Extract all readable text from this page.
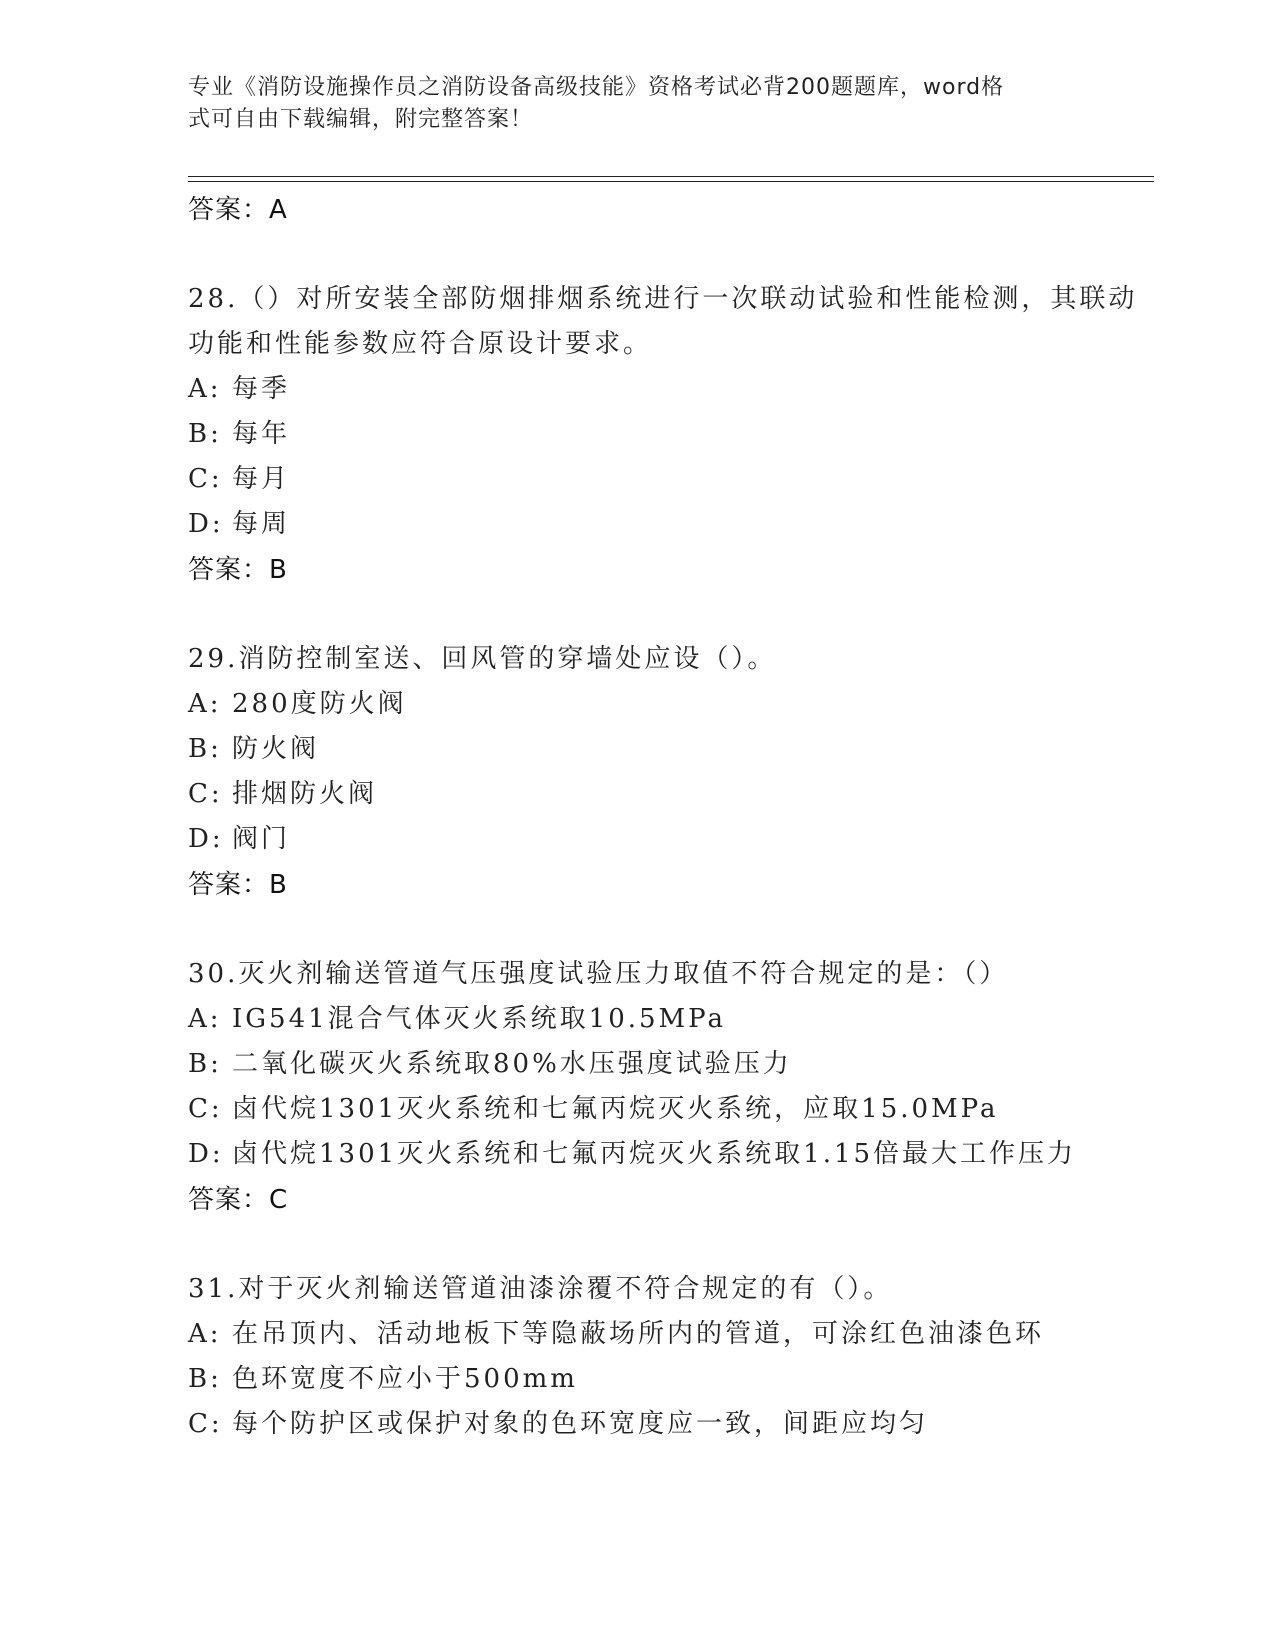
专业《消防设施操作员之消防设备高级技能》资格考试必背200题题库，word格
式可自由下载编辑，附完整答案！
答案：A
28.（）对所安装全部防烟排烟系统进行一次联动试验和性能检测，其联动功能和性能参数应符合原设计要求。
A: 每季
B: 每年
C: 每月
D: 每周
答案：B
29.消防控制室送、回风管的穿墙处应设（）。
A: 280度防火阀
B: 防火阀
C: 排烟防火阀
D: 阀门
答案：B
30.灭火剂输送管道气压强度试验压力取值不符合规定的是：（）
A: IG541混合气体灭火系统取10.5MPa
B: 二氧化碳灭火系统取80%水压强度试验压力
C: 卤代烷1301灭火系统和七氟丙烷灭火系统，应取15.0MPa
D: 卤代烷1301灭火系统和七氟丙烷灭火系统取1.15倍最大工作压力
答案：C
31.对于灭火剂输送管道油漆涂覆不符合规定的有（）。
A: 在吊顶内、活动地板下等隐蔽场所内的管道，可涂红色油漆色环
B: 色环宽度不应小于500mm
C: 每个防护区或保护对象的色环宽度应一致，间距应均匀
